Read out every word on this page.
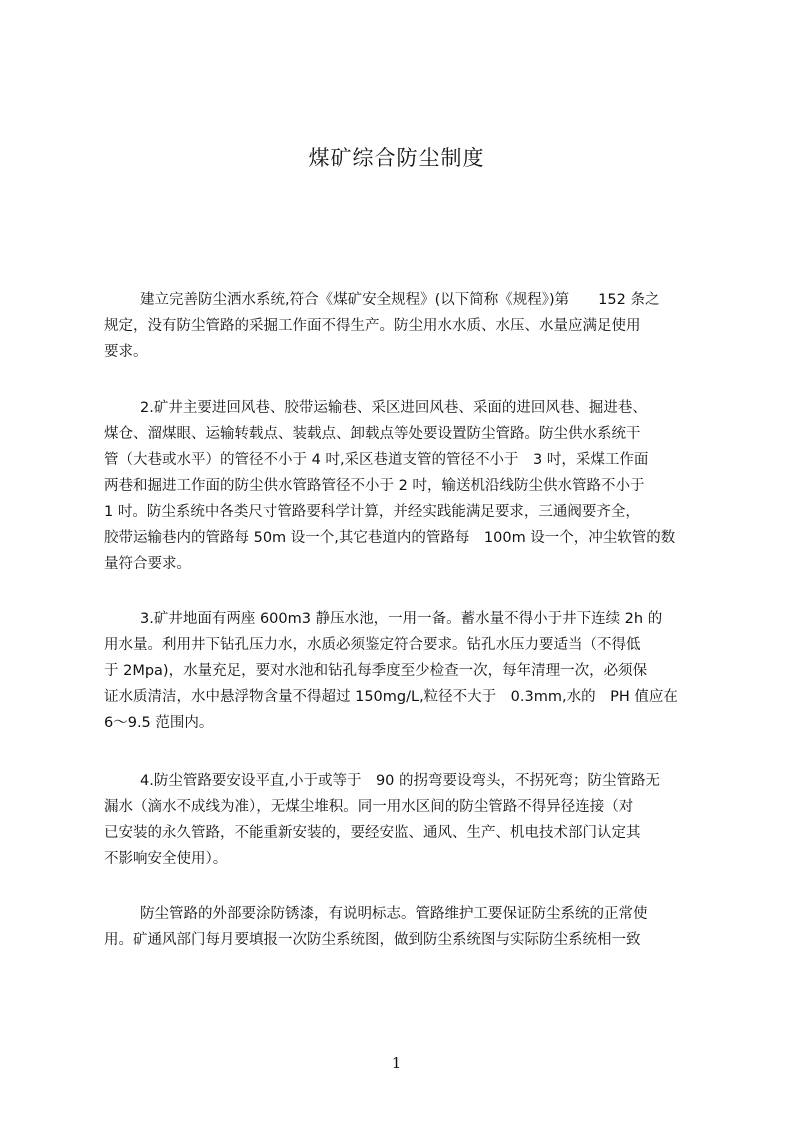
煤矿综合防尘制度
建立完善防尘洒水系统,符合《煤矿安全规程》(以下简称《规程》)第　　152 条之
规定，没有防尘管路的采掘工作面不得生产。防尘用水水质、水压、水量应满足使用
要求。
2.矿井主要进回风巷、胶带运输巷、采区进回风巷、采面的进回风巷、掘进巷、
煤仓、溜煤眼、运输转载点、装载点、卸载点等处要设置防尘管路。防尘供水系统干
管（大巷或水平）的管径不小于 4 吋,采区巷道支管的管径不小于　3 吋，采煤工作面
两巷和掘进工作面的防尘供水管路管径不小于 2 吋，输送机沿线防尘供水管路不小于
1 吋。防尘系统中各类尺寸管路要科学计算，并经实践能满足要求，三通阀要齐全，
胶带运输巷内的管路每 50m 设一个,其它巷道内的管路每　100m 设一个，冲尘软管的数
量符合要求。
3.矿井地面有两座 600m3 静压水池，一用一备。蓄水量不得小于井下连续 2h 的
用水量。利用井下钻孔压力水，水质必须鉴定符合要求。钻孔水压力要适当（不得低
于 2Mpa)，水量充足，要对水池和钻孔每季度至少检查一次，每年清理一次，必须保
证水质清洁，水中悬浮物含量不得超过 150mg/L,粒径不大于　0.3mm,水的　PH 值应在
6～9.5 范围内。
4.防尘管路要安设平直,小于或等于　90 的拐弯要设弯头，不拐死弯；防尘管路无
漏水（滴水不成线为准），无煤尘堆积。同一用水区间的防尘管路不得异径连接（对
已安装的永久管路，不能重新安装的，要经安监、通风、生产、机电技术部门认定其
不影响安全使用）。
防尘管路的外部要涂防锈漆，有说明标志。管路维护工要保证防尘系统的正常使
用。矿通风部门每月要填报一次防尘系统图，做到防尘系统图与实际防尘系统相一致
1
